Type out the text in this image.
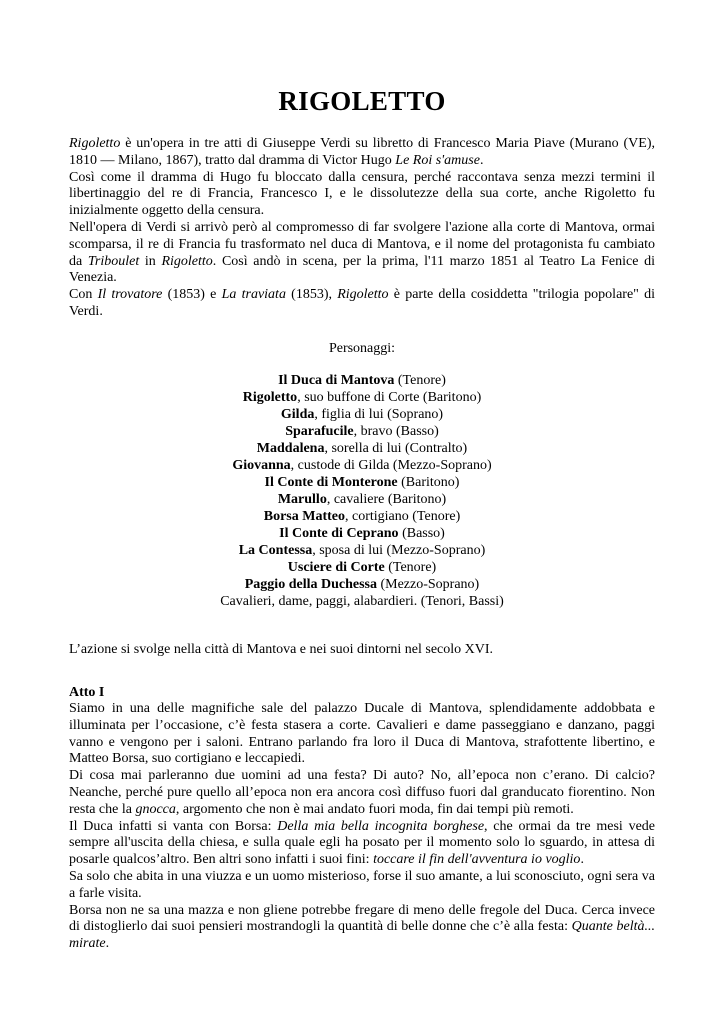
RIGOLETTO

Rigoletto è un'opera in tre atti di Giuseppe Verdi su libretto di Francesco Maria Piave (Murano (VE), 1810 — Milano, 1867), tratto dal dramma di Victor Hugo Le Roi s'amuse.

Così come il dramma di Hugo fu bloccato dalla censura, perché raccontava senza mezzi termini il libertinaggio del re di Francia, Francesco I, e le dissolutezze della sua corte, anche Rigoletto fu inizialmente oggetto della censura.

Nell'opera di Verdi si arrivò però al compromesso di far svolgere l'azione alla corte di Mantova, ormai scomparsa, il re di Francia fu trasformato nel duca di Mantova, e il nome del protagonista fu cambiato da Triboulet in Rigoletto. Così andò in scena, per la prima, l'11 marzo 1851 al Teatro La Fenice di Venezia.

Con Il trovatore (1853) e La traviata (1853), Rigoletto è parte della cosiddetta "trilogia popolare" di Verdi.

Personaggi:
Il Duca di Mantova (Tenore)
Rigoletto, suo buffone di Corte (Baritono)
Gilda, figlia di lui (Soprano)
Sparafucile, bravo (Basso)
Maddalena, sorella di lui (Contralto)
Giovanna, custode di Gilda (Mezzo-Soprano)
Il Conte di Monterone (Baritono)
Marullo, cavaliere (Baritono)
Borsa Matteo, cortigiano (Tenore)
Il Conte di Ceprano (Basso)
La Contessa, sposa di lui (Mezzo-Soprano)
Usciere di Corte (Tenore)
Paggio della Duchessa (Mezzo-Soprano)
Cavalieri, dame, paggi, alabardieri. (Tenori, Bassi)
L’azione si svolge nella città di Mantova e nei suoi dintorni nel secolo XVI.
Atto I

Siamo in una delle magnifiche sale del palazzo Ducale di Mantova, splendidamente addobbata e illuminata per l’occasione, c’è festa stasera a corte. Cavalieri e dame passeggiano e danzano, paggi vanno e vengono per i saloni. Entrano parlando fra loro il Duca di Mantova, strafottente libertino, e Matteo Borsa, suo cortigiano e leccapiedi.

Di cosa mai parleranno due uomini ad una festa? Di auto? No, all’epoca non c’erano. Di calcio? Neanche, perché pure quello all’epoca non era ancora così diffuso fuori dal granducato fiorentino. Non resta che la gnocca, argomento che non è mai andato fuori moda, fin dai tempi più remoti.

Il Duca infatti si vanta con Borsa: Della mia bella incognita borghese, che ormai da tre mesi vede sempre all'uscita della chiesa, e sulla quale egli ha posato per il momento solo lo sguardo, in attesa di posarle qualcos’altro. Ben altri sono infatti i suoi fini: toccare il fin dell'avventura io voglio.

Sa solo che abita in una viuzza e un uomo misterioso, forse il suo amante, a lui sconosciuto, ogni sera va a farle visita.

Borsa non ne sa una mazza e non gliene potrebbe fregare di meno delle fregole del Duca. Cerca invece di distoglierlo dai suoi pensieri mostrandogli la quantità di belle donne che c’è alla festa: Quante beltà... mirate.
